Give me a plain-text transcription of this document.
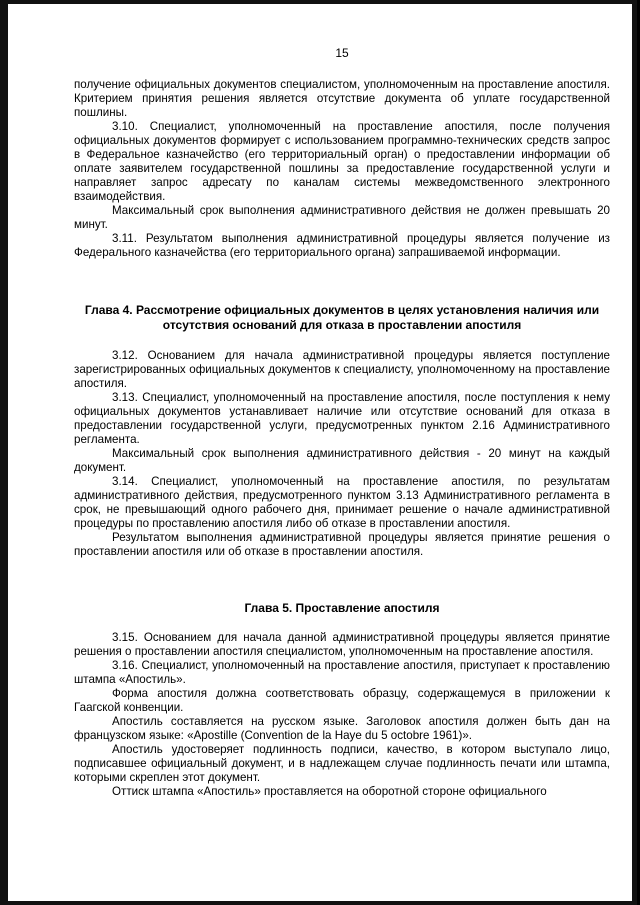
15

получение официальных документов специалистом, уполномоченным на проставление апостиля. Критерием принятия решения является отсутствие документа об уплате государственной пошлины.

3.10. Специалист, уполномоченный на проставление апостиля, после получения официальных документов формирует с использованием программно-технических средств запрос в Федеральное казначейство (его территориальный орган) о предоставлении информации об оплате заявителем государственной пошлины за предоставление государственной услуги и направляет запрос адресату по каналам системы межведомственного электронного взаимодействия.

Максимальный срок выполнения административного действия не должен превышать 20 минут.

3.11. Результатом выполнения административной процедуры является получение из Федерального казначейства (его территориального органа) запрашиваемой информации.

Глава 4. Рассмотрение официальных документов в целях установления наличия или отсутствия оснований для отказа в проставлении апостиля

3.12. Основанием для начала административной процедуры является поступление зарегистрированных официальных документов к специалисту, уполномоченному на проставление апостиля.

3.13. Специалист, уполномоченный на проставление апостиля, после поступления к нему официальных документов устанавливает наличие или отсутствие оснований для отказа в предоставлении государственной услуги, предусмотренных пунктом 2.16 Административного регламента.

Максимальный срок выполнения административного действия - 20 минут на каждый документ.

3.14. Специалист, уполномоченный на проставление апостиля, по результатам административного действия, предусмотренного пунктом 3.13 Административного регламента в срок, не превышающий одного рабочего дня, принимает решение о начале административной процедуры по проставлению апостиля либо об отказе в проставлении апостиля.

Результатом выполнения административной процедуры является принятие решения о проставлении апостиля или об отказе в проставлении апостиля.

Глава 5. Проставление апостиля

3.15. Основанием для начала данной административной процедуры является принятие решения о проставлении апостиля специалистом, уполномоченным на проставление апостиля.

3.16. Специалист, уполномоченный на проставление апостиля, приступает к проставлению штампа «Апостиль».

Форма апостиля должна соответствовать образцу, содержащемуся в приложении к Гаагской конвенции.

Апостиль составляется на русском языке. Заголовок апостиля должен быть дан на французском языке: «Apostille (Convention de la Haye du 5 octobre 1961)».

Апостиль удостоверяет подлинность подписи, качество, в котором выступало лицо, подписавшее официальный документ, и в надлежащем случае подлинность печати или штампа, которыми скреплен этот документ.

Оттиск штампа «Апостиль» проставляется на оборотной стороне официального
